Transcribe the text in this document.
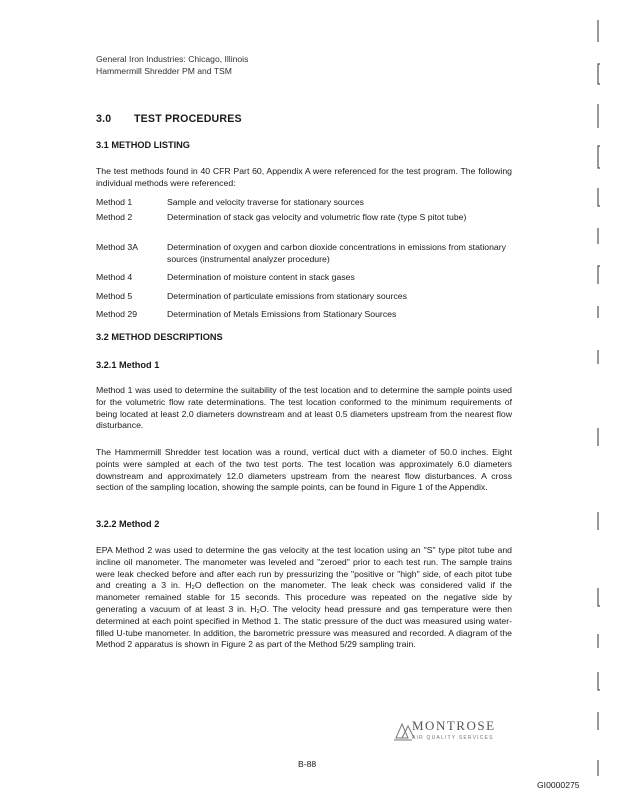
General Iron Industries: Chicago, Illinois
Hammermill Shredder PM and TSM
3.0 TEST PROCEDURES
3.1 METHOD LISTING

The test methods found in 40 CFR Part 60, Appendix A were referenced for the test program. The following individual methods were referenced:

Method 1	Sample and velocity traverse for stationary sources
Method 2	Determination of stack gas velocity and volumetric flow rate (type S pitot tube)
Method 3A	Determination of oxygen and carbon dioxide concentrations in emissions from stationary sources (instrumental analyzer procedure)
Method 4	Determination of moisture content in stack gases
Method 5	Determination of particulate emissions from stationary sources
Method 29	Determination of Metals Emissions from Stationary Sources
3.2 METHOD DESCRIPTIONS
3.2.1 Method 1

Method 1 was used to determine the suitability of the test location and to determine the sample points used for the volumetric flow rate determinations. The test location conformed to the minimum requirements of being located at least 2.0 diameters downstream and at least 0.5 diameters upstream from the nearest flow disturbance.

The Hammermill Shredder test location was a round, vertical duct with a diameter of 50.0 inches. Eight points were sampled at each of the two test ports. The test location was approximately 6.0 diameters downstream and approximately 12.0 diameters upstream from the nearest flow disturbances. A cross section of the sampling location, showing the sample points, can be found in Figure 1 of the Appendix.

3.2.2 Method 2

EPA Method 2 was used to determine the gas velocity at the test location using an "S" type pitot tube and incline oil manometer. The manometer was leveled and "zeroed" prior to each test run. The sample trains were leak checked before and after each run by pressurizing the "positive or "high" side, of each pitot tube and creating a 3 in. H₂O deflection on the manometer. The leak check was considered valid if the manometer remained stable for 15 seconds. This procedure was repeated on the negative side by generating a vacuum of at least 3 in. H₂O. The velocity head pressure and gas temperature were then determined at each point specified in Method 1. The static pressure of the duct was measured using water-filled U-tube manometer. In addition, the barometric pressure was measured and recorded. A diagram of the Method 2 apparatus is shown in Figure 2 as part of the Method 5/29 sampling train.

MONTROSE
AIR QUALITY SERVICES
B-88
GI0000275
